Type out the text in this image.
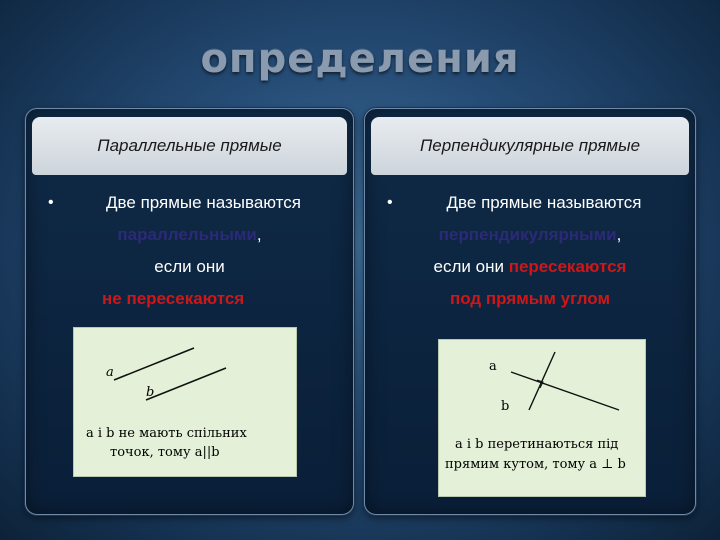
определения
Параллельные прямые
•	Две прямые называются
параллельными,
если они
не пересекаются
a
b
a і b не мають спільних
точок, тому a||b
Перпендикулярные прямые
•	Две прямые называются
перпендикулярными,
если они пересекаются
под прямым углом
a
b
a і b перетинаються під
прямим кутом, тому a ⊥ b
